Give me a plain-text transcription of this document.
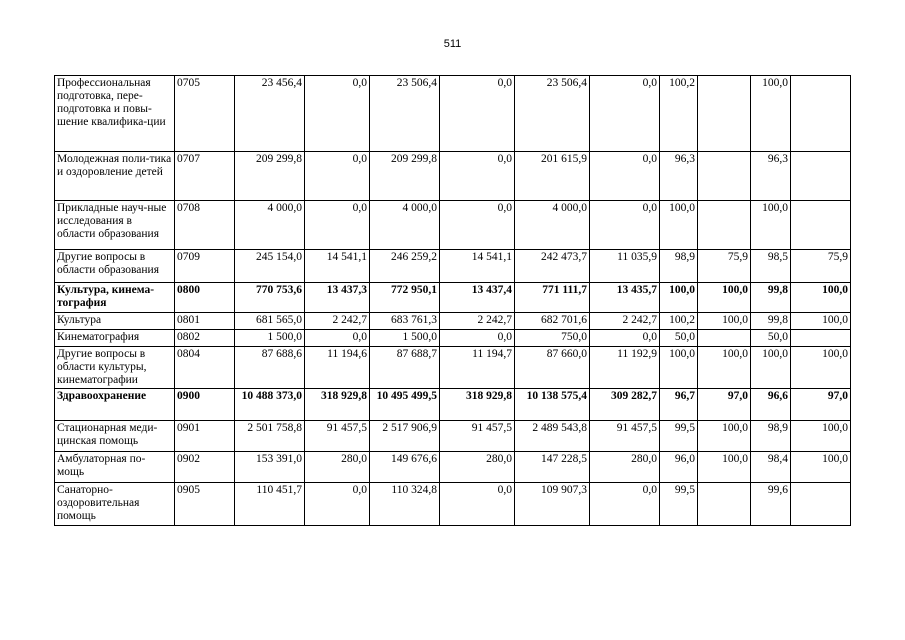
511
Профессиональная подготовка, пере-подготовка и повы-шение квалифика-ции	0705	23 456,4	0,0	23 506,4	0,0	23 506,4	0,0	100,2		100,0	
Молодежная поли-тика и оздоровление детей	0707	209 299,8	0,0	209 299,8	0,0	201 615,9	0,0	96,3		96,3	
Прикладные науч-ные исследования в области образования	0708	4 000,0	0,0	4 000,0	0,0	4 000,0	0,0	100,0		100,0	
Другие вопросы в области образования	0709	245 154,0	14 541,1	246 259,2	14 541,1	242 473,7	11 035,9	98,9	75,9	98,5	75,9
Культура, кинема-тография	0800	770 753,6	13 437,3	772 950,1	13 437,4	771 111,7	13 435,7	100,0	100,0	99,8	100,0
Культура	0801	681 565,0	2 242,7	683 761,3	2 242,7	682 701,6	2 242,7	100,2	100,0	99,8	100,0
Кинематография	0802	1 500,0	0,0	1 500,0	0,0	750,0	0,0	50,0		50,0	
Другие вопросы в области культуры, кинематографии	0804	87 688,6	11 194,6	87 688,7	11 194,7	87 660,0	11 192,9	100,0	100,0	100,0	100,0
Здравоохранение	0900	10 488 373,0	318 929,8	10 495 499,5	318 929,8	10 138 575,4	309 282,7	96,7	97,0	96,6	97,0
Стационарная меди-цинская помощь	0901	2 501 758,8	91 457,5	2 517 906,9	91 457,5	2 489 543,8	91 457,5	99,5	100,0	98,9	100,0
Амбулаторная по-мощь	0902	153 391,0	280,0	149 676,6	280,0	147 228,5	280,0	96,0	100,0	98,4	100,0
Санаторно-оздоровительная помощь	0905	110 451,7	0,0	110 324,8	0,0	109 907,3	0,0	99,5		99,6	
